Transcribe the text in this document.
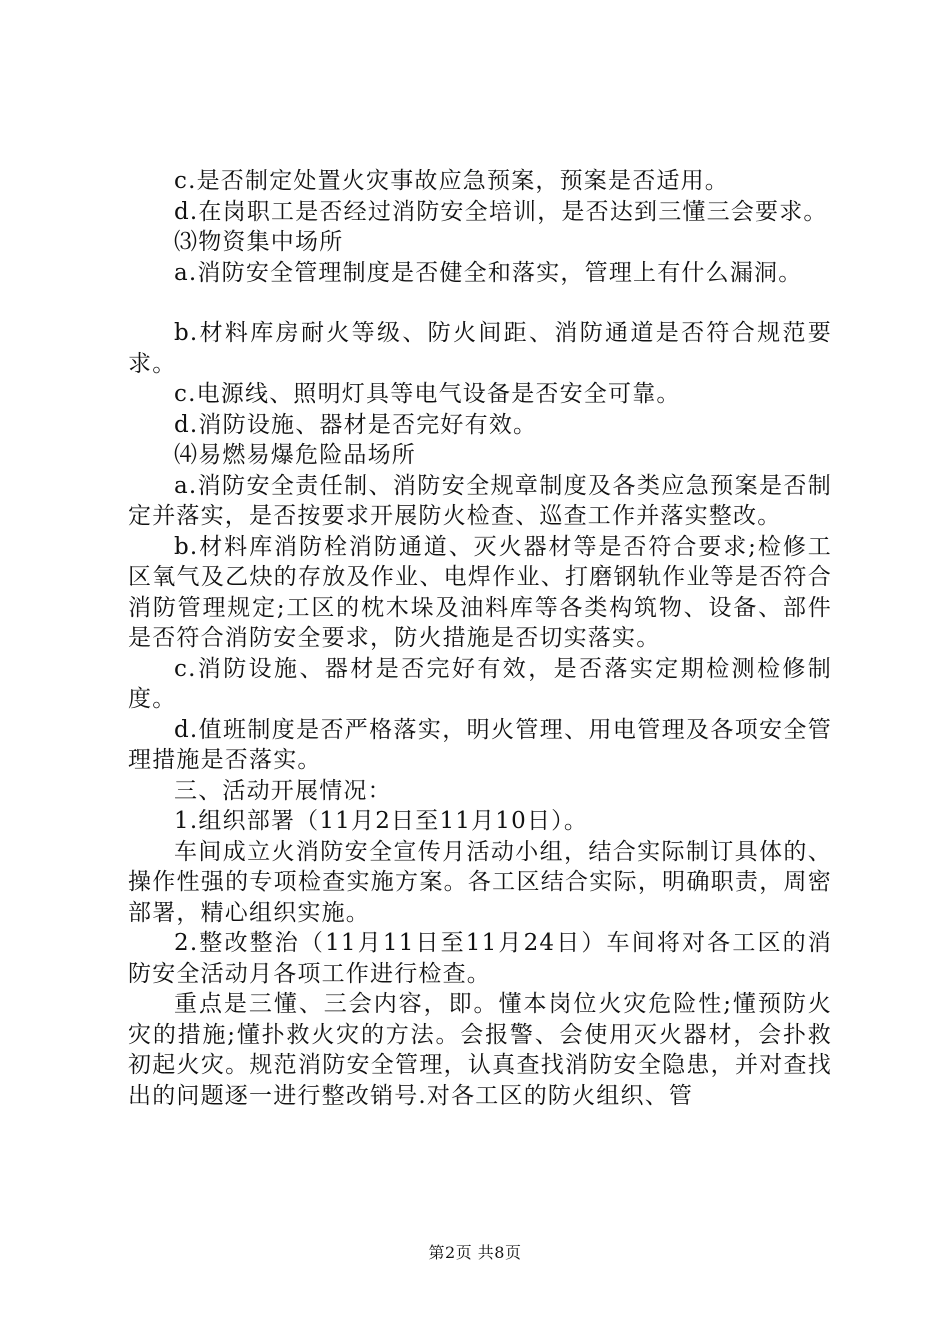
c.是否制定处置火灾事故应急预案，预案是否适用。

d.在岗职工是否经过消防安全培训，是否达到三懂三会要求。

⑶物资集中场所

a.消防安全管理制度是否健全和落实，管理上有什么漏洞。

b.材料库房耐火等级、防火间距、消防通道是否符合规范要求。

c.电源线、照明灯具等电气设备是否安全可靠。

d.消防设施、器材是否完好有效。

⑷易燃易爆危险品场所

a.消防安全责任制、消防安全规章制度及各类应急预案是否制定并落实，是否按要求开展防火检查、巡查工作并落实整改。

b.材料库消防栓消防通道、灭火器材等是否符合要求;检修工区氧气及乙炔的存放及作业、电焊作业、打磨钢轨作业等是否符合消防管理规定;工区的枕木垛及油料库等各类构筑物、设备、部件是否符合消防安全要求，防火措施是否切实落实。

c.消防设施、器材是否完好有效，是否落实定期检测检修制度。

d.值班制度是否严格落实，明火管理、用电管理及各项安全管理措施是否落实。

三、活动开展情况：

1.组织部署（11月2日至11月10日）。

车间成立火消防安全宣传月活动小组，结合实际制订具体的、操作性强的专项检查实施方案。各工区结合实际，明确职责，周密部署，精心组织实施。

2.整改整治（11月11日至11月24日）车间将对各工区的消防安全活动月各项工作进行检查。

重点是三懂、三会内容，即。懂本岗位火灾危险性;懂预防火灾的措施;懂扑救火灾的方法。会报警、会使用灭火器材，会扑救初起火灾。规范消防安全管理，认真查找消防安全隐患，并对查找出的问题逐一进行整改销号.对各工区的防火组织、管

第2页 共8页
